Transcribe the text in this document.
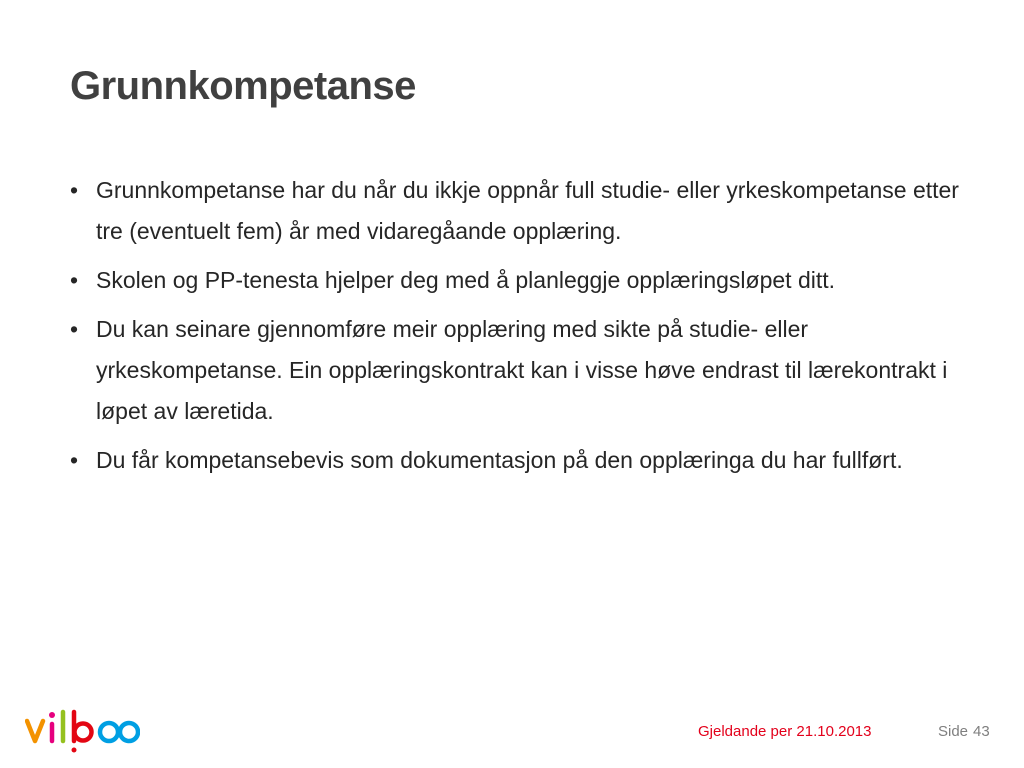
Grunnkompetanse
• Grunnkompetanse har du når du ikkje oppnår full studie- eller yrkeskompetanse etter tre (eventuelt fem) år med vidaregåande opplæring.
• Skolen og PP-tenesta hjelper deg med å planleggje opplæringsløpet ditt.
• Du kan seinare gjennomføre meir opplæring med sikte på studie- eller yrkeskompetanse. Ein opplæringskontrakt kan i visse høve endrast til lærekontrakt i løpet av læretida.
• Du får kompetansebevis som dokumentasjon på den opplæringa du har fullført.
Gjeldande per 21.10.2013	Side 43
